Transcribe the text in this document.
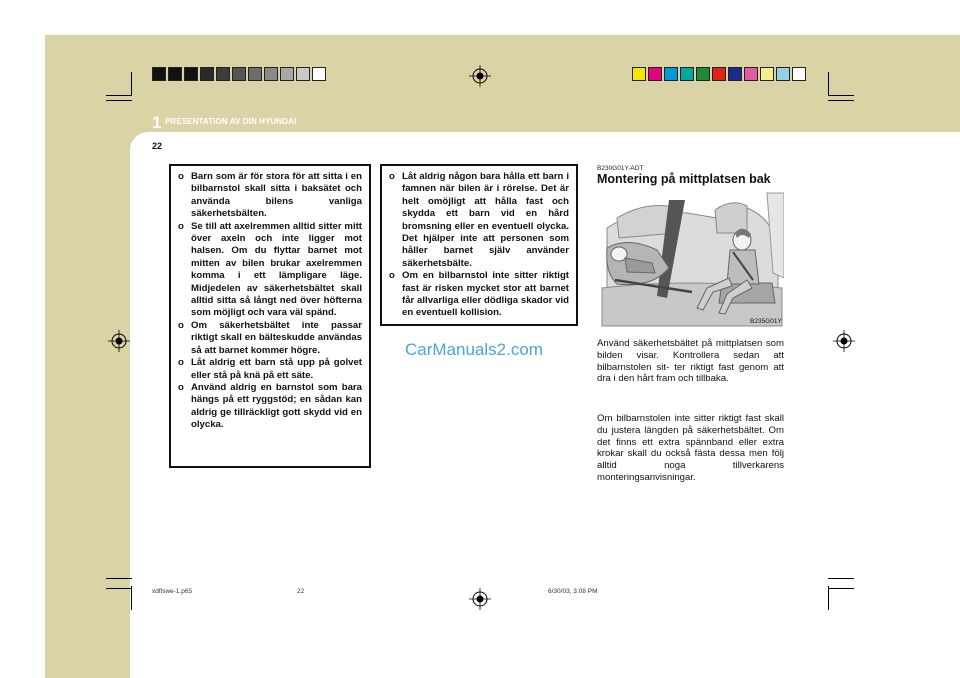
1 PRESENTATION AV DIN HYUNDAI
22
o Barn som är för stora för att sitta i en bilbarnstol skall sitta i baksätet och använda bilens vanliga säkerhetsbälten.
o Se till att axelremmen alltid sitter mitt över axeln och inte ligger mot halsen. Om du flyttar barnet mot mitten av bilen brukar axelremmen komma i ett lämpligare läge. Midjedelen av säkerhetsbältet skall alltid sitta så långt ned över höfterna som möjligt och vara väl spänd.
o Om säkerhetsbältet inte passar riktigt skall en bälteskudde användas så att barnet kommer högre.
o Låt aldrig ett barn stå upp på golvet eller stå på knä på ett säte.
o Använd aldrig en barnstol som bara hängs på ett ryggstöd; en sådan kan aldrig ge tillräckligt gott skydd vid en olycka.
o Låt aldrig någon bara hålla ett barn i famnen när bilen är i rörelse. Det är helt omöjligt att hålla fast och skydda ett barn vid en hård bromsning eller en eventuell olycka. Det hjälper inte att personen som håller barnet själv använder säkerhetsbälte.
o Om en bilbarnstol inte sitter riktigt fast är risken mycket stor att barnet får allvarliga eller dödliga skador vid en eventuell kollision.
CarManuals2.com
B230G01Y-ADT
Montering på mittplatsen bak
B235G01Y

Använd säkerhetsbältet på mittplatsen som bilden visar. Kontrollera sedan att bilbarnstolen sit- ter riktigt fast genom att dra i den hårt fram och tillbaka.

Om bilbarnstolen inte sitter riktigt fast skall du justera längden på säkerhetsbältet. Om det finns ett extra spännband eller extra krokar skall du också fästa dessa men följ alltid noga tillverkarens monteringsanvisningar.

xdflswe-1.p65	22	6/30/03, 3:08 PM
